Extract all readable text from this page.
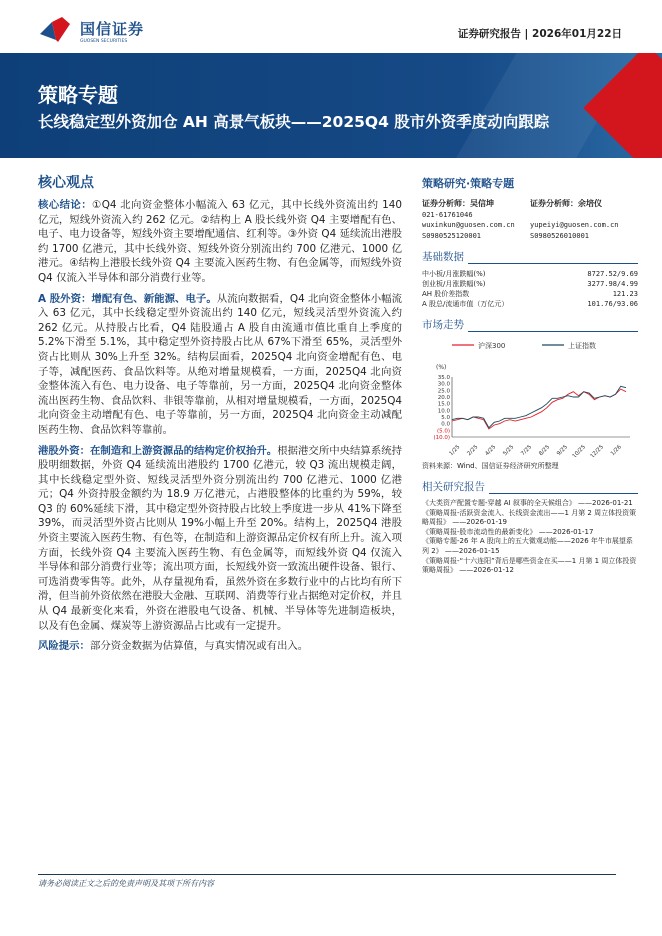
国信证券
GUOSEN SECURITIES
证券研究报告 | 2026年01月22日
策略专题
长线稳定型外资加仓 AH 高景气板块——2025Q4 股市外资季度动向跟踪
核心观点

核心结论：①Q4 北向资金整体小幅流入 63 亿元，其中长线外资流出约 140 亿元，短线外资流入约 262 亿元。②结构上 A 股长线外资 Q4 主要增配有色、电子、电力设备等，短线外资主要增配通信、红利等。③外资 Q4 延续流出港股约 1700 亿港元，其中长线外资、短线外资分别流出约 700 亿港元、1000 亿港元。④结构上港股长线外资 Q4 主要流入医药生物、有色金属等，而短线外资 Q4 仅流入半导体和部分消费行业等。

A 股外资：增配有色、新能源、电子。从流向数据看，Q4 北向资金整体小幅流入 63 亿元，其中长线稳定型外资流出约 140 亿元，短线灵活型外资流入约 262 亿元。从持股占比看，Q4 陆股通占 A 股自由流通市值比重自上季度的 5.2%下滑至 5.1%，其中稳定型外资持股占比从 67%下滑至 65%，灵活型外资占比则从 30%上升至 32%。结构层面看，2025Q4 北向资金增配有色、电子等，减配医药、食品饮料等。从绝对增量规模看，一方面，2025Q4 北向资金整体流入有色、电力设备、电子等靠前，另一方面，2025Q4 北向资金整体流出医药生物、食品饮料、非银等靠前，从相对增量规模看，一方面，2025Q4 北向资金主动增配有色、电子等靠前，另一方面，2025Q4 北向资金主动减配医药生物、食品饮料等靠前。

港股外资：在制造和上游资源品的结构定价权抬升。根据港交所中央结算系统持股明细数据，外资 Q4 延续流出港股约 1700 亿港元，较 Q3 流出规模走阔，其中长线稳定型外资、短线灵活型外资分别流出约 700 亿港元、1000 亿港元；Q4 外资持股金额约为 18.9 万亿港元，占港股整体的比重约为 59%，较 Q3 的 60%延续下滑，其中稳定型外资持股占比较上季度进一步从 41%下降至 39%，而灵活型外资占比则从 19%小幅上升至 20%。结构上，2025Q4 港股外资主要流入医药生物、有色等，在制造和上游资源品定价权有所上升。流入项方面，长线外资 Q4 主要流入医药生物、有色金属等，而短线外资 Q4 仅流入半导体和部分消费行业等；流出项方面，长短线外资一致流出硬件设备、银行、可选消费零售等。此外，从存量视角看，虽然外资在多数行业中的占比均有所下滑，但当前外资依然在港股大金融、互联网、消费等行业占据绝对定价权，并且从 Q4 最新变化来看，外资在港股电气设备、机械、半导体等先进制造板块，以及有色金属、煤炭等上游资源品占比或有一定提升。

风险提示：部分资金数据为估算值，与真实情况或有出入。

策略研究·策略专题
证券分析师：吴信坤
021-61761046
wuxinkun@guosen.com.cn
S0980525120001
证券分析师：余培仪

yupeiyi@guosen.com.cn
S0980526010001
基础数据
中小板/月涨跌幅(%)	8727.52/9.69
创业板/月涨跌幅(%)	3277.98/4.99
AH 股价差指数	121.23
A 股总/流通市值（万亿元）	101.76/93.06
市场走势
沪深300	上证指数
(%)
35.0
30.0
25.0
20.0
15.0
10.0
5.0
0.0
(5.0)
(10.0)
1/25 2/25 4/25 5/25 7/25 8/25 9/25 10/25 12/25 1/26
资料来源：Wind、国信证券经济研究所整理
相关研究报告
《大类资产配置专题-穿越 AI 叙事的全天候组合》 ——2026-01-21
《策略周报-活跃资金流入、长线资金流出——1 月第 2 周立体投资策略周报》 ——2026-01-19
《策略周报-股市流动性的最新变化》 ——2026-01-17
《策略专题-26 年 A 股向上的五大微观动能——2026 年牛市展望系列 2》 ——2026-01-15
《策略周报-“十六连阳”背后是哪些资金在买——1 月第 1 周立体投资策略周报》 ——2026-01-12
请务必阅读正文之后的免责声明及其项下所有内容
